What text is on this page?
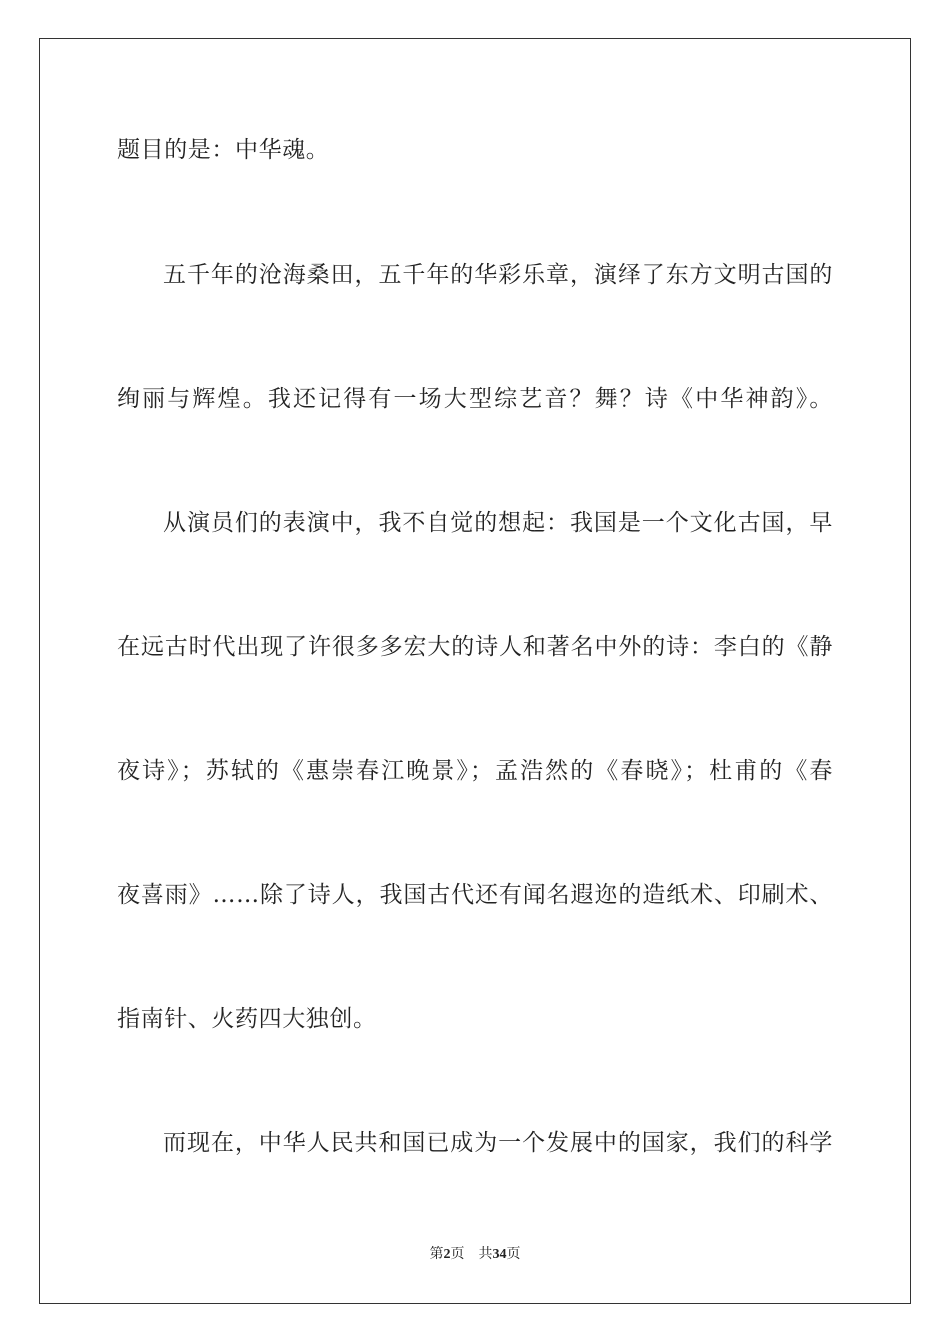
题目的是：中华魂。
五千年的沧海桑田，五千年的华彩乐章，演绎了东方文明古国的
绚丽与辉煌。我还记得有一场大型综艺音？舞？诗《中华神韵》。
从演员们的表演中，我不自觉的想起：我国是一个文化古国，早
在远古时代出现了许很多多宏大的诗人和著名中外的诗：李白的《静
夜诗》；苏轼的《惠崇春江晚景》；孟浩然的《春晓》；杜甫的《春
夜喜雨》……除了诗人，我国古代还有闻名遐迩的造纸术、印刷术、
指南针、火药四大独创。
而现在，中华人民共和国已成为一个发展中的国家，我们的科学
第2页 共34页
